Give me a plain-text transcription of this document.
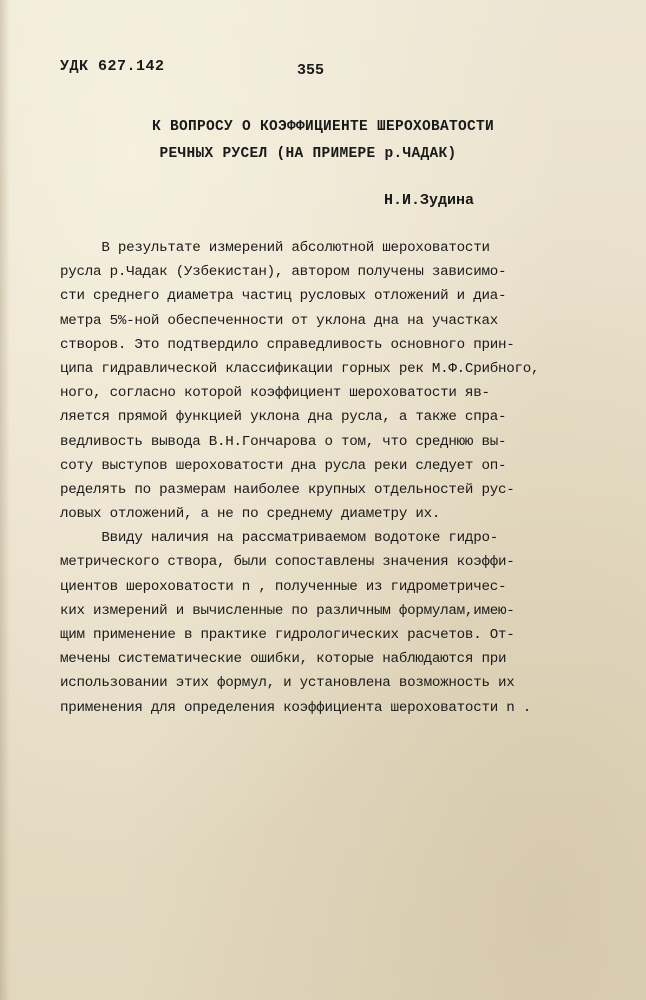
УДК 627.142	355
К ВОПРОСУ О КОЭФФИЦИЕНТЕ ШЕРОХОВАТОСТИ
РЕЧНЫХ РУСЕЛ (НА ПРИМЕРЕ р.ЧАДАК)
Н.И.Зудина
В результате измерений абсолютной шероховатости
русла р.Чадак (Узбекистан), автором получены зависимо-
сти среднего диаметра частиц русловых отложений и диа-
метра 5%-ной обеспеченности от уклона дна на участках
створов. Это подтвердило справедливость основного прин-
ципа гидравлической классификации горных рек М.Ф.Срибного,
ного, согласно которой коэффициент шероховатости яв-
ляется прямой функцией уклона дна русла, а также спра-
ведливость вывода В.Н.Гончарова о том, что среднюю вы-
соту выступов шероховатости дна русла реки следует оп-
ределять по размерам наиболее крупных отдельностей рус-
ловых отложений, а не по среднему диаметру их.
Ввиду наличия на рассматриваемом водотоке гидро-
метрического створа, были сопоставлены значения коэффи-
циентов шероховатости n , полученные из гидрометричес-
ких измерений и вычисленные по различным формулам,имею-
щим применение в практике гидрологических расчетов. От-
мечены систематические ошибки, которые наблюдаются при
использовании этих формул, и установлена возможность их
применения для определения коэффициента шероховатости n .
